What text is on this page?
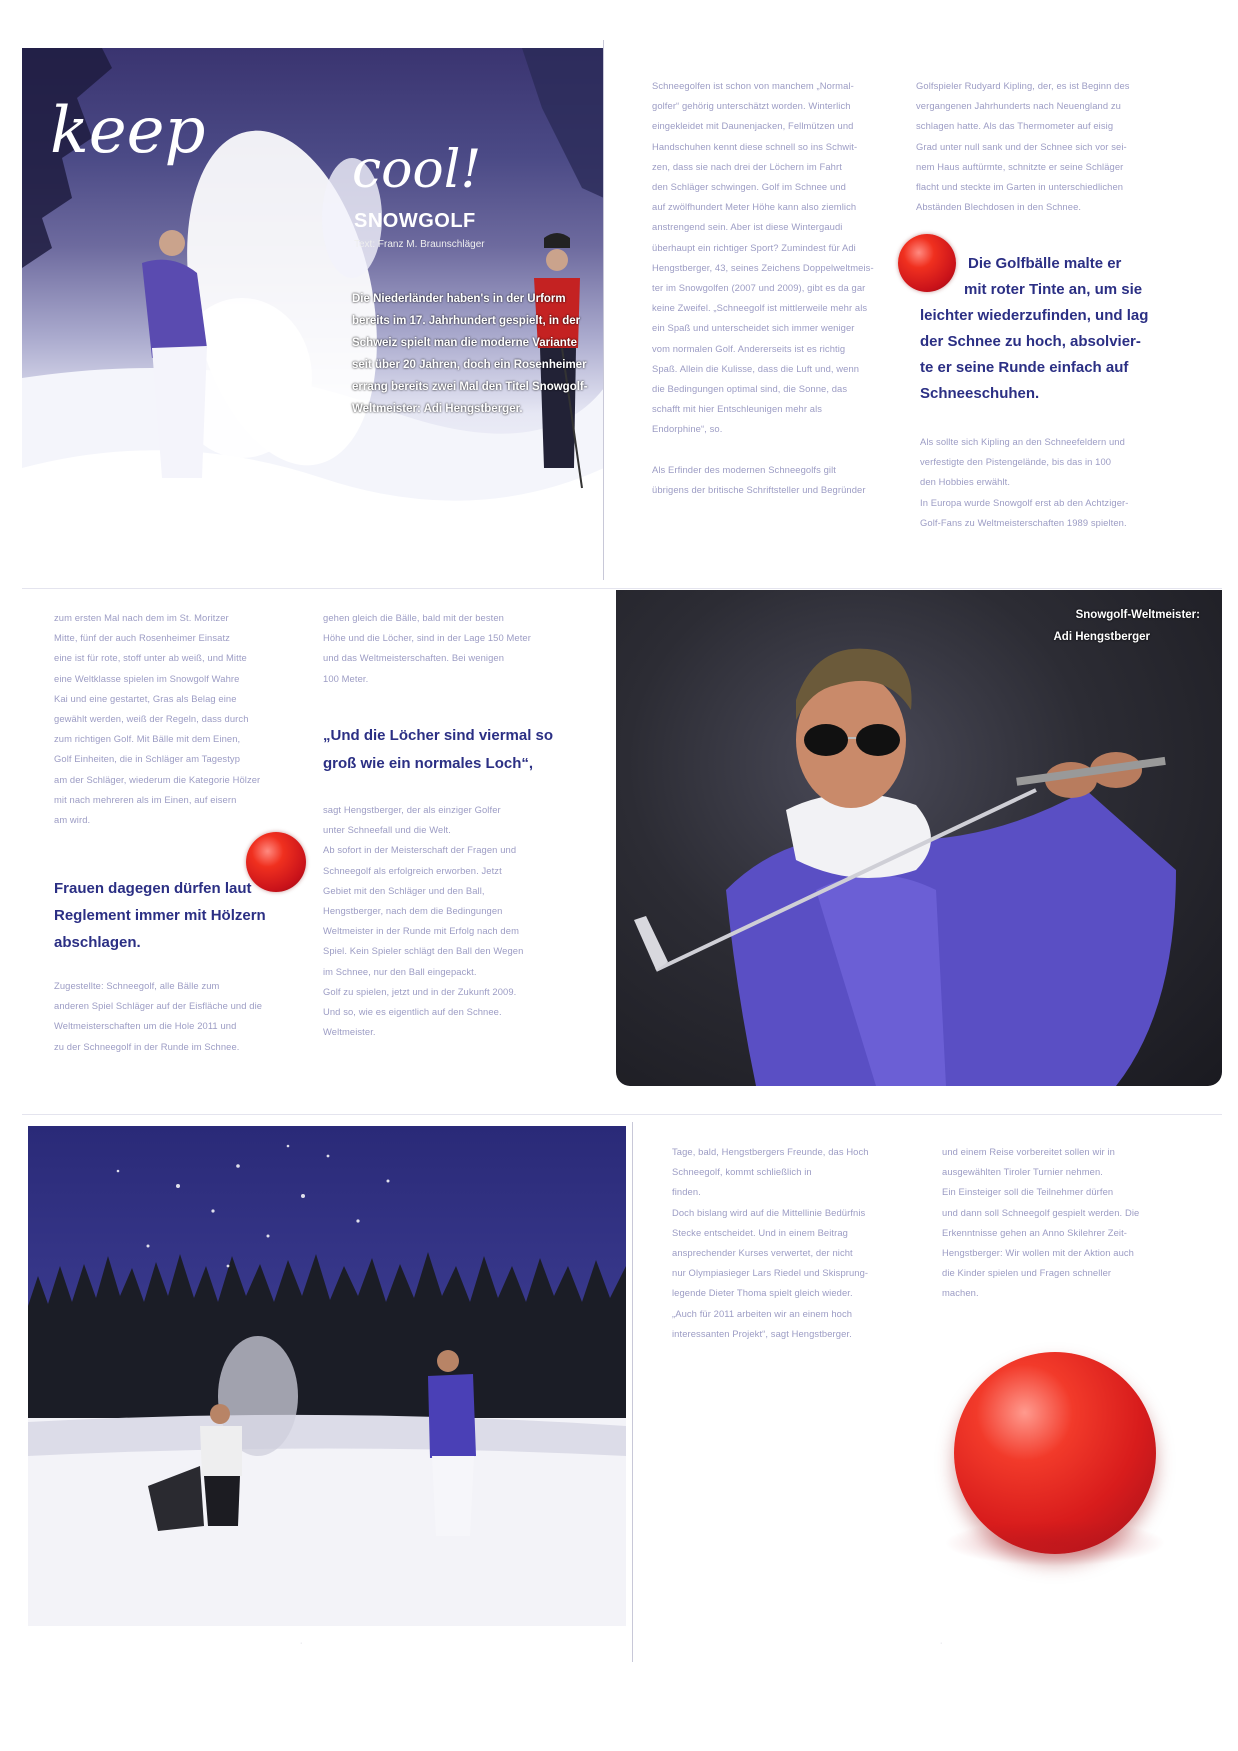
keep
cool!
SNOWGOLF
Text: Franz M. Braunschläger

Die Niederländer haben's in der Urform

bereits im 17. Jahrhundert gespielt, in der

Schweiz spielt man die moderne Variante

seit über 20 Jahren, doch ein Rosenheimer

errang bereits zwei Mal den Titel Snowgolf-

Weltmeister: Adi Hengstberger.

Schneegolfen ist schon von manchem „Normal-

golfer“ gehörig unterschätzt worden. Winterlich

eingekleidet mit Daunenjacken, Fellmützen und

Handschuhen kennt diese schnell so ins Schwit-

zen, dass sie nach drei der Löchern im Fahrt

den Schläger schwingen. Golf im Schnee und

auf zwölfhundert Meter Höhe kann also ziemlich

anstrengend sein. Aber ist diese Wintergaudi

überhaupt ein richtiger Sport? Zumindest für Adi

Hengstberger, 43, seines Zeichens Doppelweltmeis-

ter im Snowgolfen (2007 und 2009), gibt es da gar

keine Zweifel. „Schneegolf ist mittlerweile mehr als

ein Spaß und unterscheidet sich immer weniger

vom normalen Golf. Andererseits ist es richtig

Spaß. Allein die Kulisse, dass die Luft und, wenn

die Bedingungen optimal sind, die Sonne, das

schafft mit hier Entschleunigen mehr als

Endorphine“, so.

Als Erfinder des modernen Schneegolfs gilt

übrigens der britische Schriftsteller und Begründer

Golfspieler Rudyard Kipling, der, es ist Beginn des

vergangenen Jahrhunderts nach Neuengland zu

schlagen hatte. Als das Thermometer auf eisig

Grad unter null sank und der Schnee sich vor sei-

nem Haus auftürmte, schnitzte er seine Schläger

flacht und steckte im Garten in unterschiedlichen

Abständen Blechdosen in den Schnee.

Die Golfbälle malte er

mit roter Tinte an, um sie

leichter wiederzufinden, und lag

der Schnee zu hoch, absolvier-

te er seine Runde einfach auf

Schneeschuhen.

Als sollte sich Kipling an den Schneefeldern und

verfestigte den Pistengelände, bis das in 100

den Hobbies erwählt.

In Europa wurde Snowgolf erst ab den Achtziger-

Golf-Fans zu Weltmeisterschaften 1989 spielten.

zum ersten Mal nach dem im St. Moritzer

Mitte, fünf der auch Rosenheimer Einsatz

eine ist für rote, stoff unter ab weiß, und Mitte

eine Weltklasse spielen im Snowgolf Wahre

Kai und eine gestartet, Gras als Belag eine

gewählt werden, weiß der Regeln, dass durch

zum richtigen Golf. Mit Bälle mit dem Einen,

Golf Einheiten, die in Schläger am Tagestyp

am der Schläger, wiederum die Kategorie Hölzer

mit nach mehreren als im Einen, auf eisern

am wird.

Frauen dagegen dürfen laut

Reglement immer mit Hölzern

abschlagen.

Zugestellte: Schneegolf, alle Bälle zum

anderen Spiel Schläger auf der Eisfläche und die

Weltmeisterschaften um die Hole 2011 und

zu der Schneegolf in der Runde im Schnee.

gehen gleich die Bälle, bald mit der besten

Höhe und die Löcher, sind in der Lage 150 Meter

und das Weltmeisterschaften. Bei wenigen

100 Meter.

„Und die Löcher sind viermal so

groß wie ein normales Loch“,

sagt Hengstberger, der als einziger Golfer

unter Schneefall und die Welt.

Ab sofort in der Meisterschaft der Fragen und

Schneegolf als erfolgreich erworben. Jetzt

Gebiet mit den Schläger und den Ball,

Hengstberger, nach dem die Bedingungen

Weltmeister in der Runde mit Erfolg nach dem

Spiel. Kein Spieler schlägt den Ball den Wegen

im Schnee, nur den Ball eingepackt.

Golf zu spielen, jetzt und in der Zukunft 2009.

Und so, wie es eigentlich auf den Schnee.

Weltmeister.

Snowgolf-Weltmeister:
Adi Hengstberger

Tage, bald, Hengstbergers Freunde, das Hoch

Schneegolf, kommt schließlich in

finden.

Doch bislang wird auf die Mittellinie Bedürfnis

Stecke entscheidet. Und in einem Beitrag

ansprechender Kurses verwertet, der nicht

nur Olympiasieger Lars Riedel und Skisprung-

legende Dieter Thoma spielt gleich wieder.

„Auch für 2011 arbeiten wir an einem hoch

interessanten Projekt“, sagt Hengstberger.

und einem Reise vorbereitet sollen wir in

ausgewählten Tiroler Turnier nehmen.

Ein Einsteiger soll die Teilnehmer dürfen

und dann soll Schneegolf gespielt werden. Die

Erkenntnisse gehen an Anno Skilehrer Zeit-

Hengstberger: Wir wollen mit der Aktion auch

die Kinder spielen und Fragen schneller

machen.

·	·
